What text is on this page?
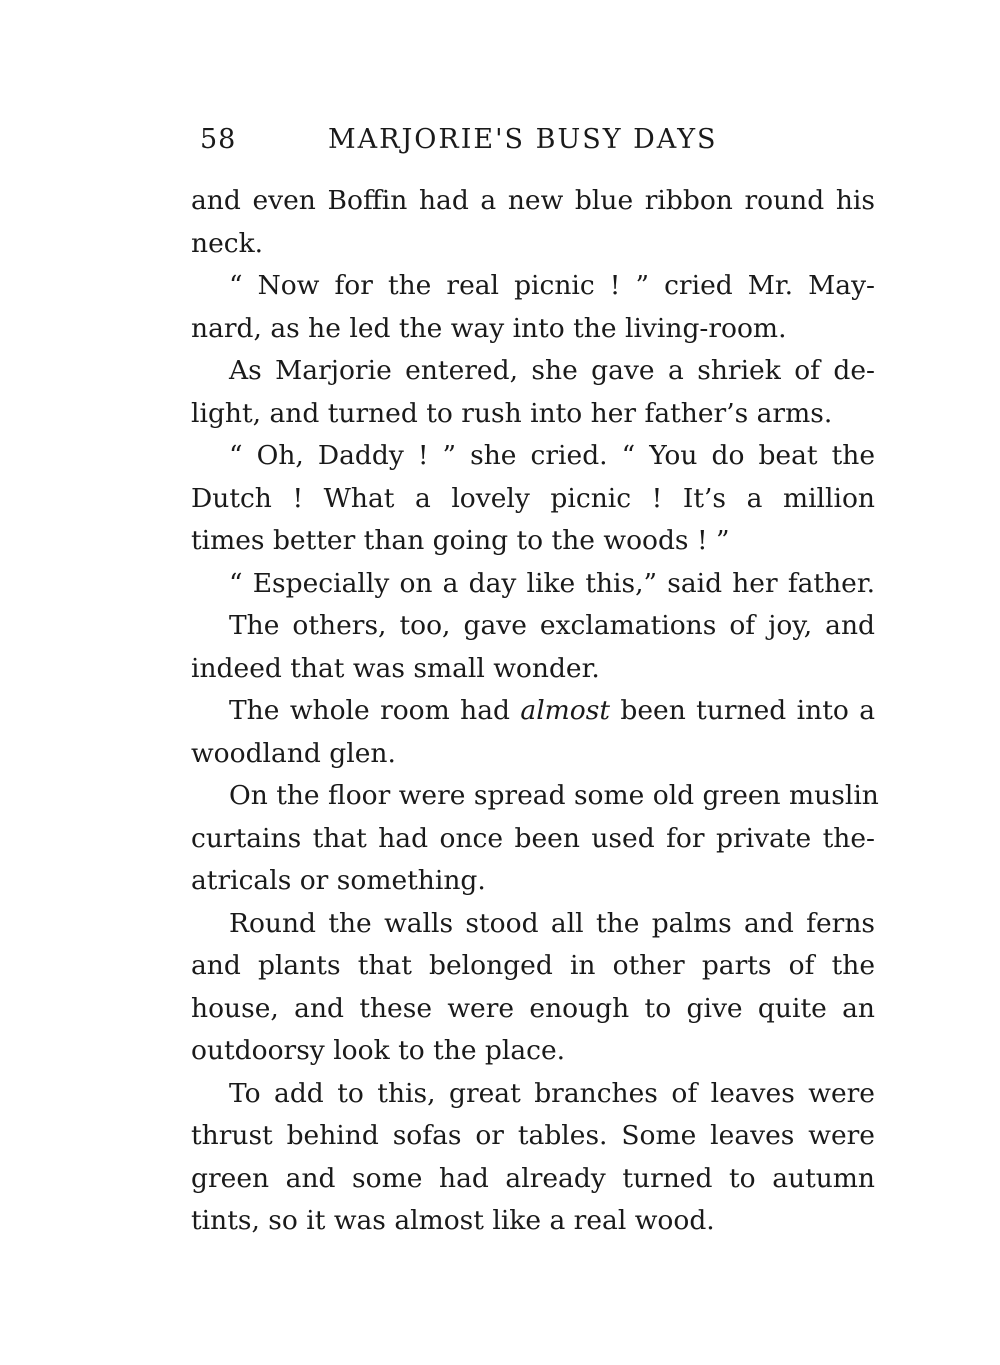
58	MARJORIE'S BUSY DAYS
and even Boffin had a new blue ribbon round his
neck.
“ Now for the real picnic ! ” cried Mr. May-
nard, as he led the way into the living-room.
As Marjorie entered, she gave a shriek of de-
light, and turned to rush into her father’s arms.
“ Oh, Daddy ! ” she cried. “ You do beat the
Dutch ! What a lovely picnic ! It’s a million
times better than going to the woods ! ”
“ Especially on a day like this,” said her father.
The others, too, gave exclamations of joy, and
indeed that was small wonder.
The whole room had almost been turned into a
woodland glen.
On the floor were spread some old green muslin
curtains that had once been used for private the-
atricals or something.
Round the walls stood all the palms and ferns
and plants that belonged in other parts of the
house, and these were enough to give quite an
outdoorsy look to the place.
To add to this, great branches of leaves were
thrust behind sofas or tables. Some leaves were
green and some had already turned to autumn
tints, so it was almost like a real wood.
